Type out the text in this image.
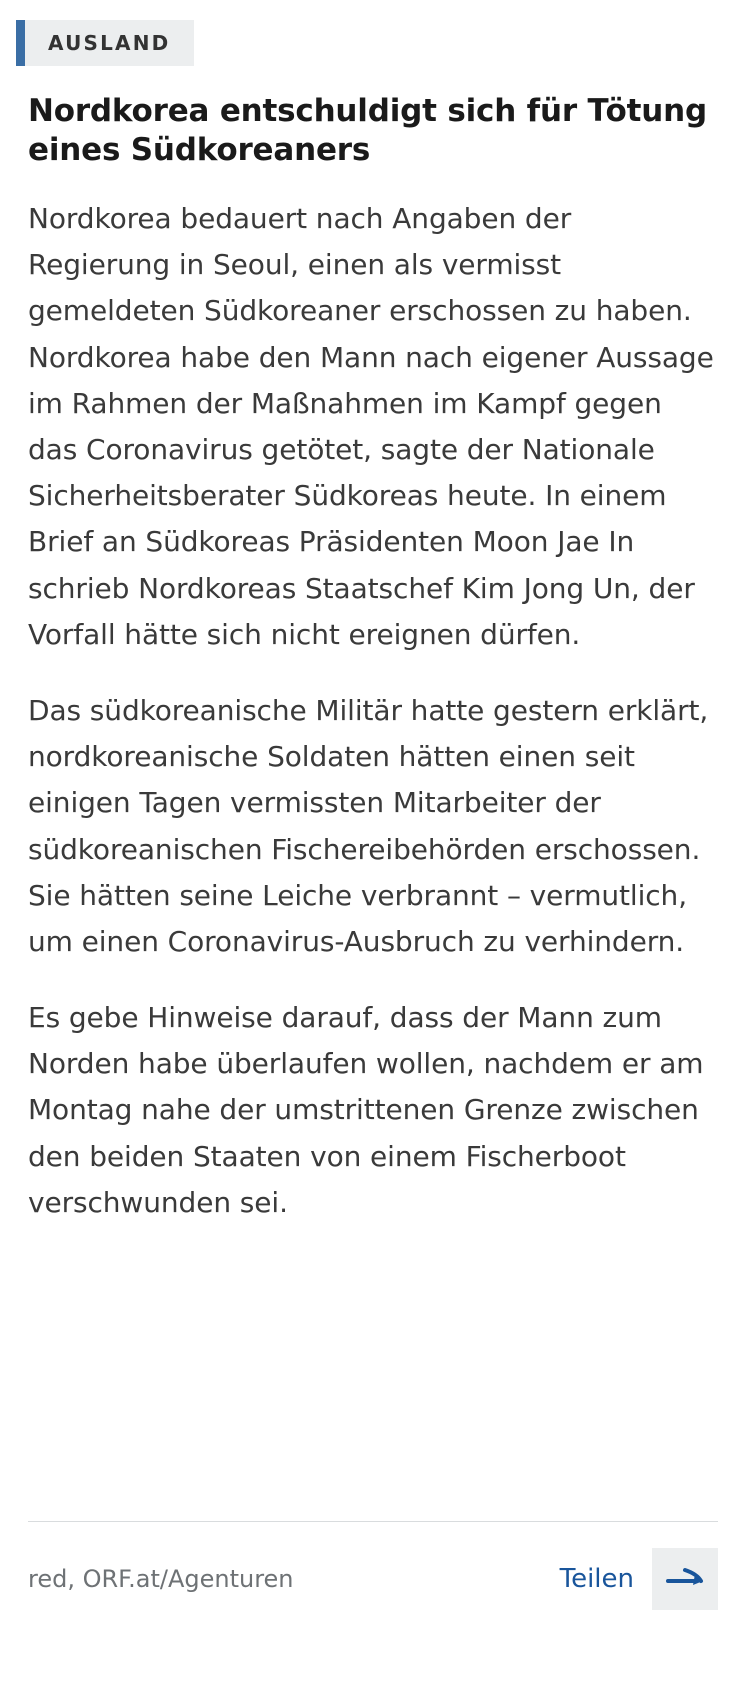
AUSLAND
Nordkorea entschuldigt sich für Tötung eines Südkoreaners

Nordkorea bedauert nach Angaben der Regierung in Seoul, einen als vermisst gemeldeten Südkoreaner erschossen zu haben. Nordkorea habe den Mann nach eigener Aussage im Rahmen der Maßnahmen im Kampf gegen das Coronavirus getötet, sagte der Nationale Sicherheitsberater Südkoreas heute. In einem Brief an Südkoreas Präsidenten Moon Jae In schrieb Nordkoreas Staatschef Kim Jong Un, der Vorfall hätte sich nicht ereignen dürfen.

Das südkoreanische Militär hatte gestern erklärt, nordkoreanische Soldaten hätten einen seit einigen Tagen vermissten Mitarbeiter der südkoreanischen Fischereibehörden erschossen. Sie hätten seine Leiche verbrannt – vermutlich, um einen Coronavirus-Ausbruch zu verhindern.

Es gebe Hinweise darauf, dass der Mann zum Norden habe überlaufen wollen, nachdem er am Montag nahe der umstrittenen Grenze zwischen den beiden Staaten von einem Fischerboot verschwunden sei.

red, ORF.at/Agenturen	Teilen
